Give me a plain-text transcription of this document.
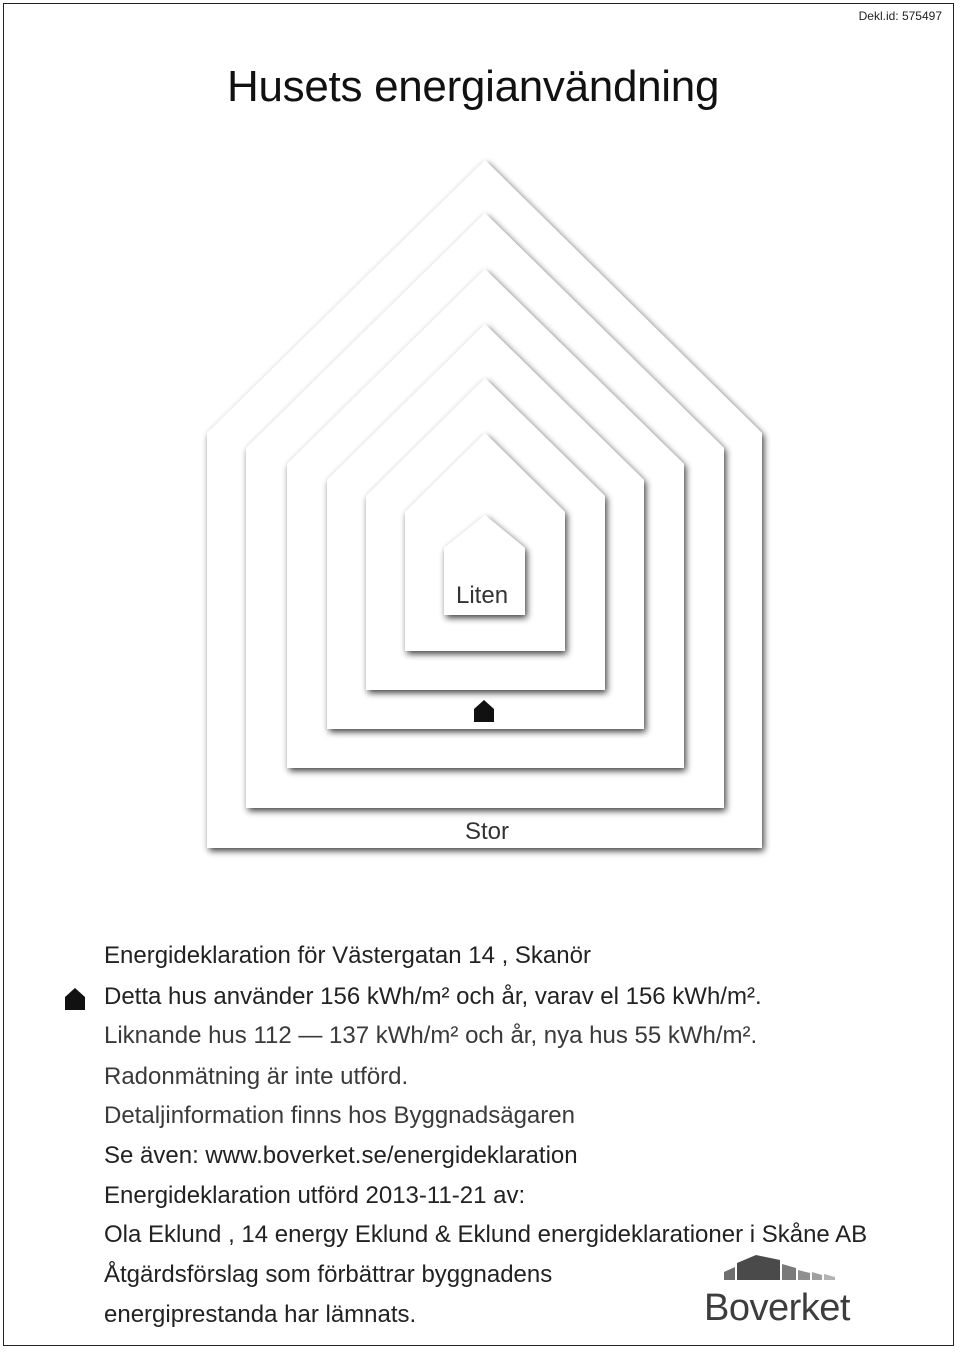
Dekl.id: 575497
Husets energianvändning
Liten
Stor
Energideklaration för Västergatan 14 , Skanör
Detta hus använder 156 kWh/m² och år, varav el 156 kWh/m².
Liknande hus 112 — 137 kWh/m² och år, nya hus 55 kWh/m².
Radonmätning är inte utförd.
Detaljinformation finns hos Byggnadsägaren
Se även: www.boverket.se/energideklaration
Energideklaration utförd 2013-11-21 av:
Ola Eklund , 14 energy Eklund & Eklund energideklarationer i Skåne AB
Åtgärdsförslag som förbättrar byggnadens
energiprestanda har lämnats.	Boverket
